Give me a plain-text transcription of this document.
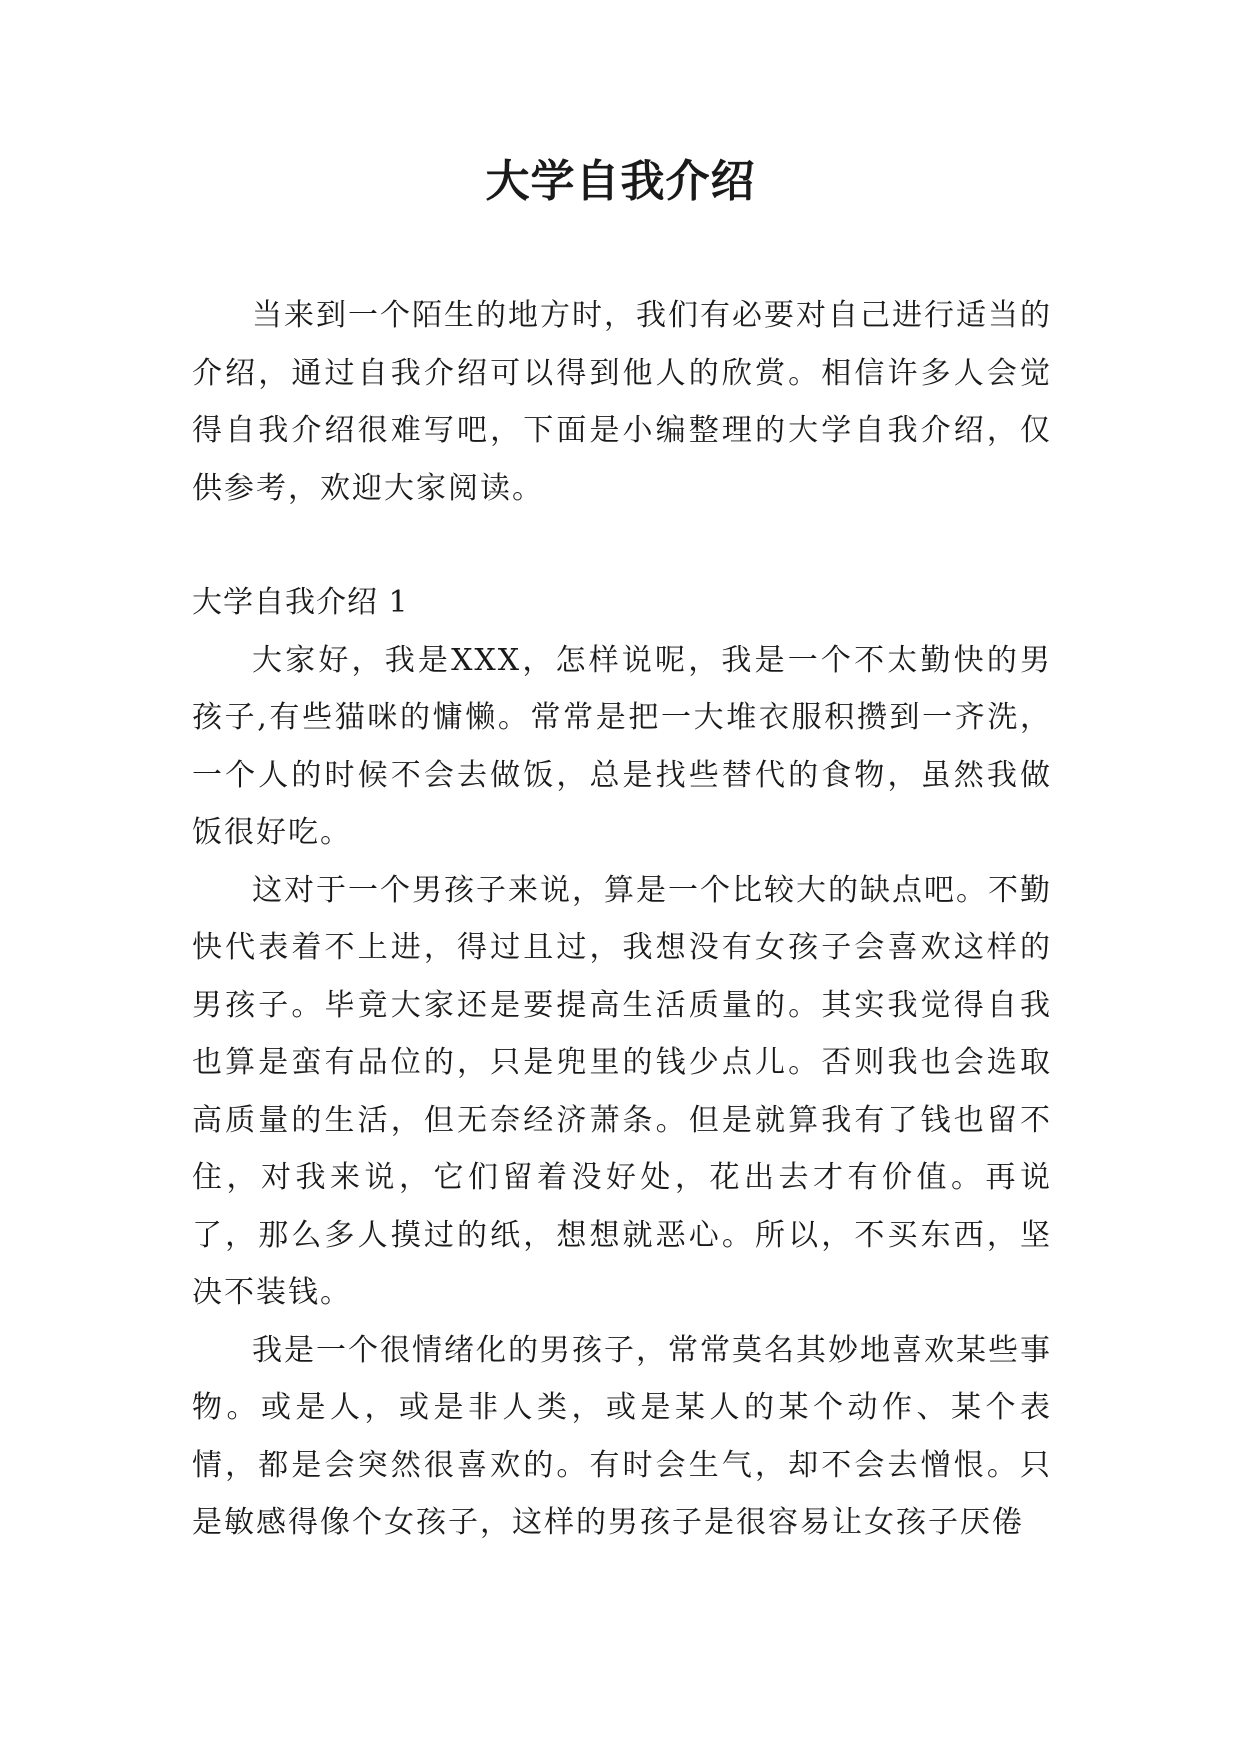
大学自我介绍

当来到一个陌生的地方时，我们有必要对自己进行适当的介绍，通过自我介绍可以得到他人的欣赏。相信许多人会觉得自我介绍很难写吧，下面是小编整理的大学自我介绍，仅供参考，欢迎大家阅读。

大学自我介绍 1

大家好，我是XXX，怎样说呢，我是一个不太勤快的男孩子,有些猫咪的慵懒。常常是把一大堆衣服积攒到一齐洗，一个人的时候不会去做饭，总是找些替代的食物，虽然我做饭很好吃。

这对于一个男孩子来说，算是一个比较大的缺点吧。不勤快代表着不上进，得过且过，我想没有女孩子会喜欢这样的男孩子。毕竟大家还是要提高生活质量的。其实我觉得自我也算是蛮有品位的，只是兜里的钱少点儿。否则我也会选取高质量的生活，但无奈经济萧条。但是就算我有了钱也留不住，对我来说，它们留着没好处，花出去才有价值。再说了，那么多人摸过的纸，想想就恶心。所以，不买东西，坚决不装钱。

我是一个很情绪化的男孩子，常常莫名其妙地喜欢某些事物。或是人，或是非人类，或是某人的某个动作、某个表情，都是会突然很喜欢的。有时会生气，却不会去憎恨。只是敏感得像个女孩子，这样的男孩子是很容易让女孩子厌倦
